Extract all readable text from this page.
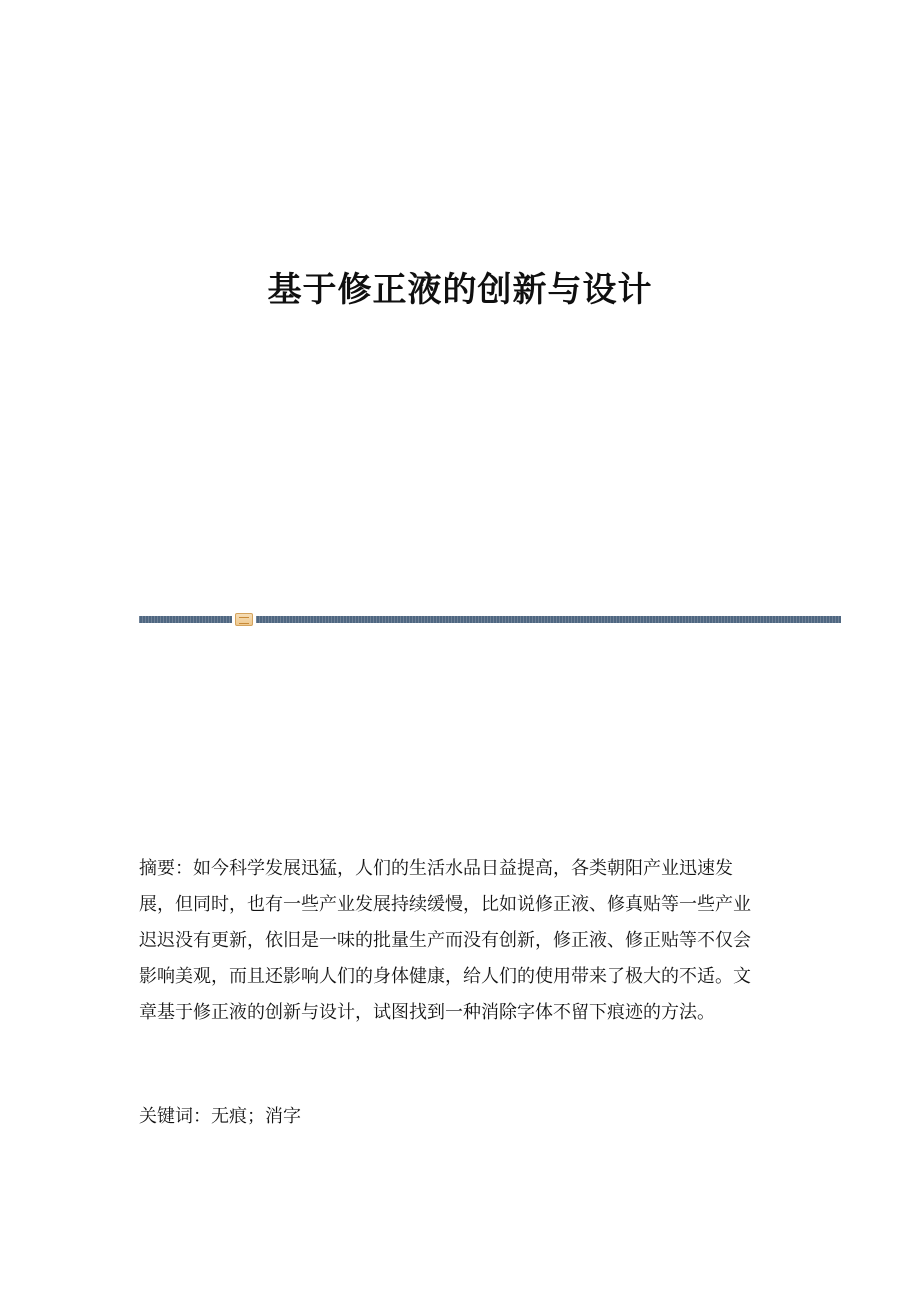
基于修正液的创新与设计
摘要：如今科学发展迅猛，人们的生活水品日益提高，各类朝阳产业迅速发
展，但同时，也有一些产业发展持续缓慢，比如说修正液、修真贴等一些产业
迟迟没有更新，依旧是一味的批量生产而没有创新，修正液、修正贴等不仅会
影响美观，而且还影响人们的身体健康，给人们的使用带来了极大的不适。文
章基于修正液的创新与设计，试图找到一种消除字体不留下痕迹的方法。
关键词：无痕；消字
